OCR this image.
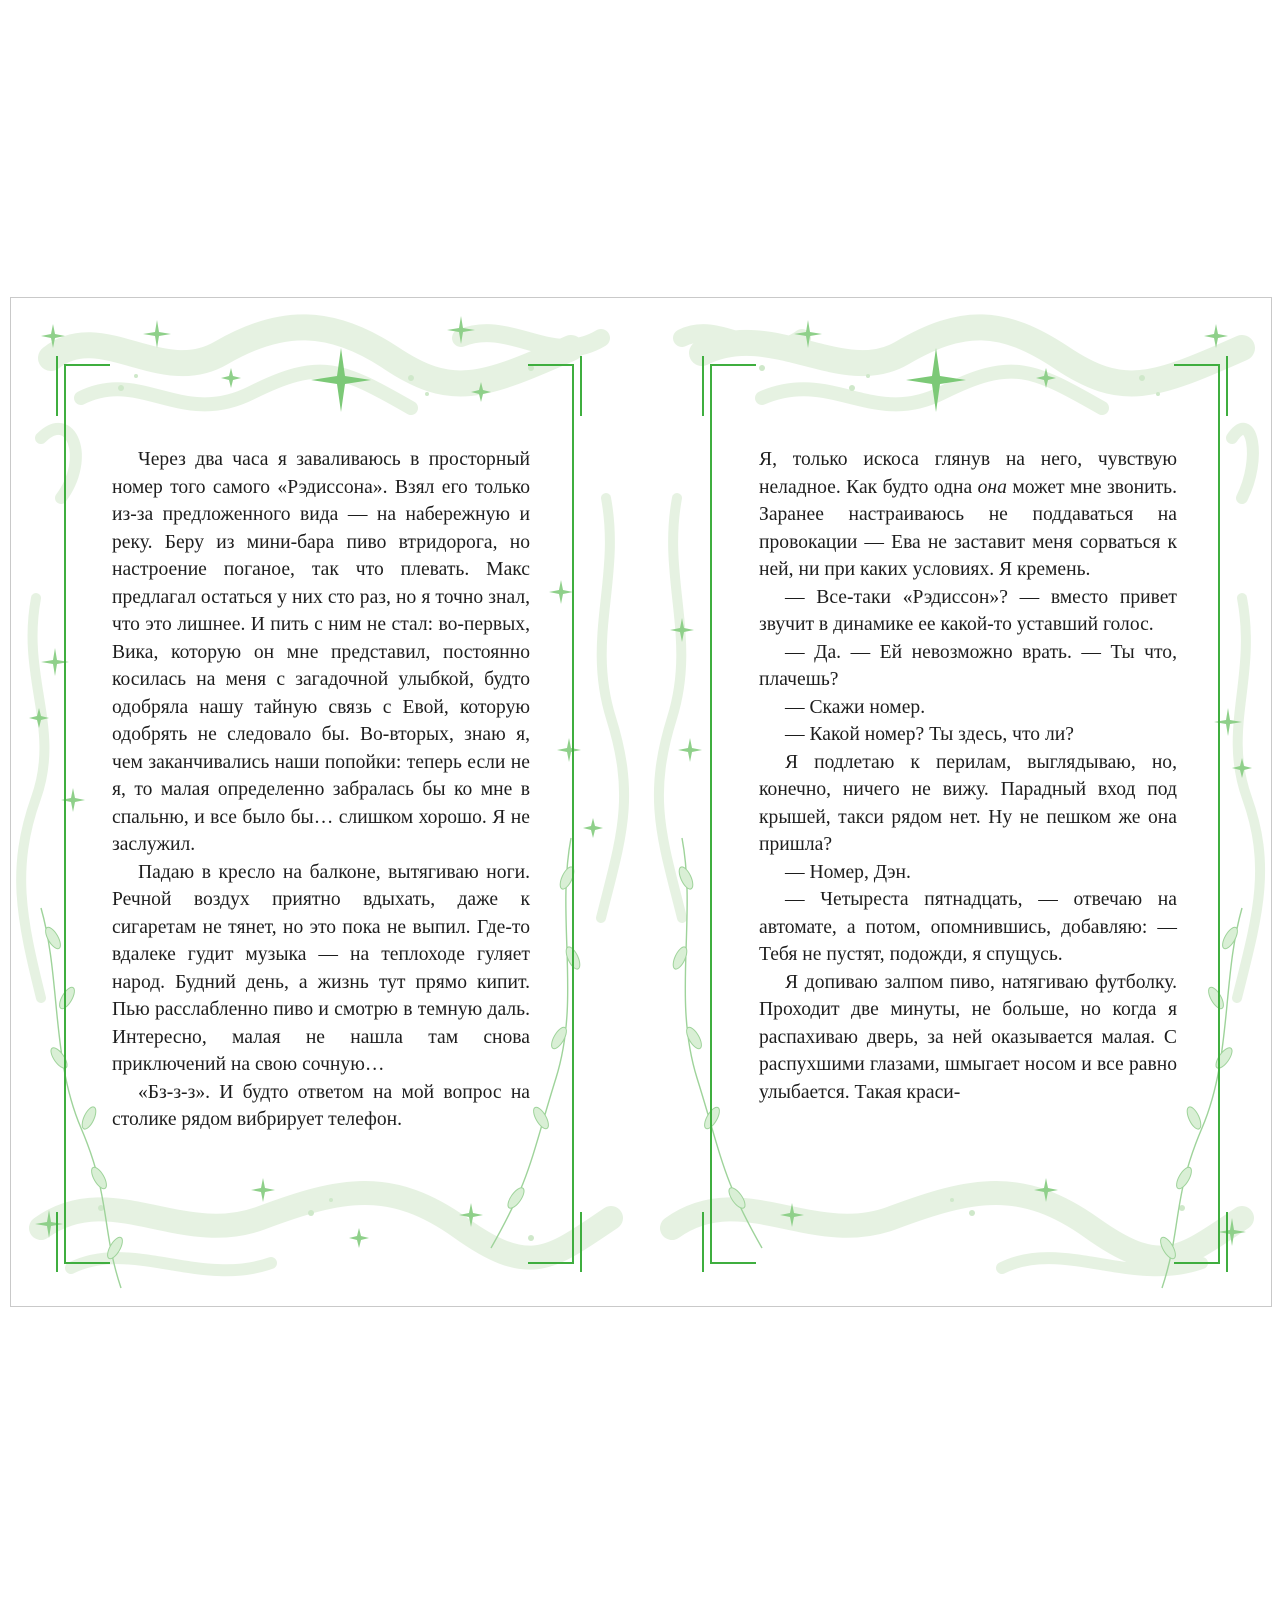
Через два часа я заваливаюсь в просторный номер того самого «Рэдиссона». Взял его только из-за предложенного вида — на набережную и реку. Беру из мини-бара пиво втридорога, но настроение поганое, так что плевать. Макс предлагал остаться у них сто раз, но я точно знал, что это лишнее. И пить с ним не стал: во-первых, Вика, которую он мне представил, постоянно косилась на меня с загадочной улыбкой, будто одобряла нашу тайную связь с Евой, которую одобрять не следовало бы. Во-вторых, знаю я, чем заканчивались наши попойки: теперь если не я, то малая определенно забралась бы ко мне в спальню, и все было бы… слишком хорошо. Я не заслужил.

Падаю в кресло на балконе, вытягиваю ноги. Речной воздух приятно вдыхать, даже к сигаретам не тянет, но это пока не выпил. Где-то вдалеке гудит музыка — на теплоходе гуляет народ. Будний день, а жизнь тут прямо кипит. Пью расслабленно пиво и смотрю в темную даль. Интересно, малая не нашла там снова приключений на свою сочную…

«Бз-з-з». И будто ответом на мой вопрос на столике рядом вибрирует телефон.

Я, только искоса глянув на него, чувствую неладное. Как будто одна она может мне звонить. Заранее настраиваюсь не поддаваться на провокации — Ева не заставит меня сорваться к ней, ни при каких условиях. Я кремень.

— Все-таки «Рэдиссон»? — вместо привет звучит в динамике ее какой-то уставший голос.

— Да. — Ей невозможно врать. — Ты что, плачешь?

— Скажи номер.

— Какой номер? Ты здесь, что ли?

Я подлетаю к перилам, выглядываю, но, конечно, ничего не вижу. Парадный вход под крышей, такси рядом нет. Ну не пешком же она пришла?

— Номер, Дэн.

— Четыреста пятнадцать, — отвечаю на автомате, а потом, опомнившись, добавляю: — Тебя не пустят, подожди, я спущусь.

Я допиваю залпом пиво, натягиваю футболку. Проходит две минуты, не больше, но когда я распахиваю дверь, за ней оказывается малая. С распухшими глазами, шмыгает носом и все равно улыбается. Такая краси-
